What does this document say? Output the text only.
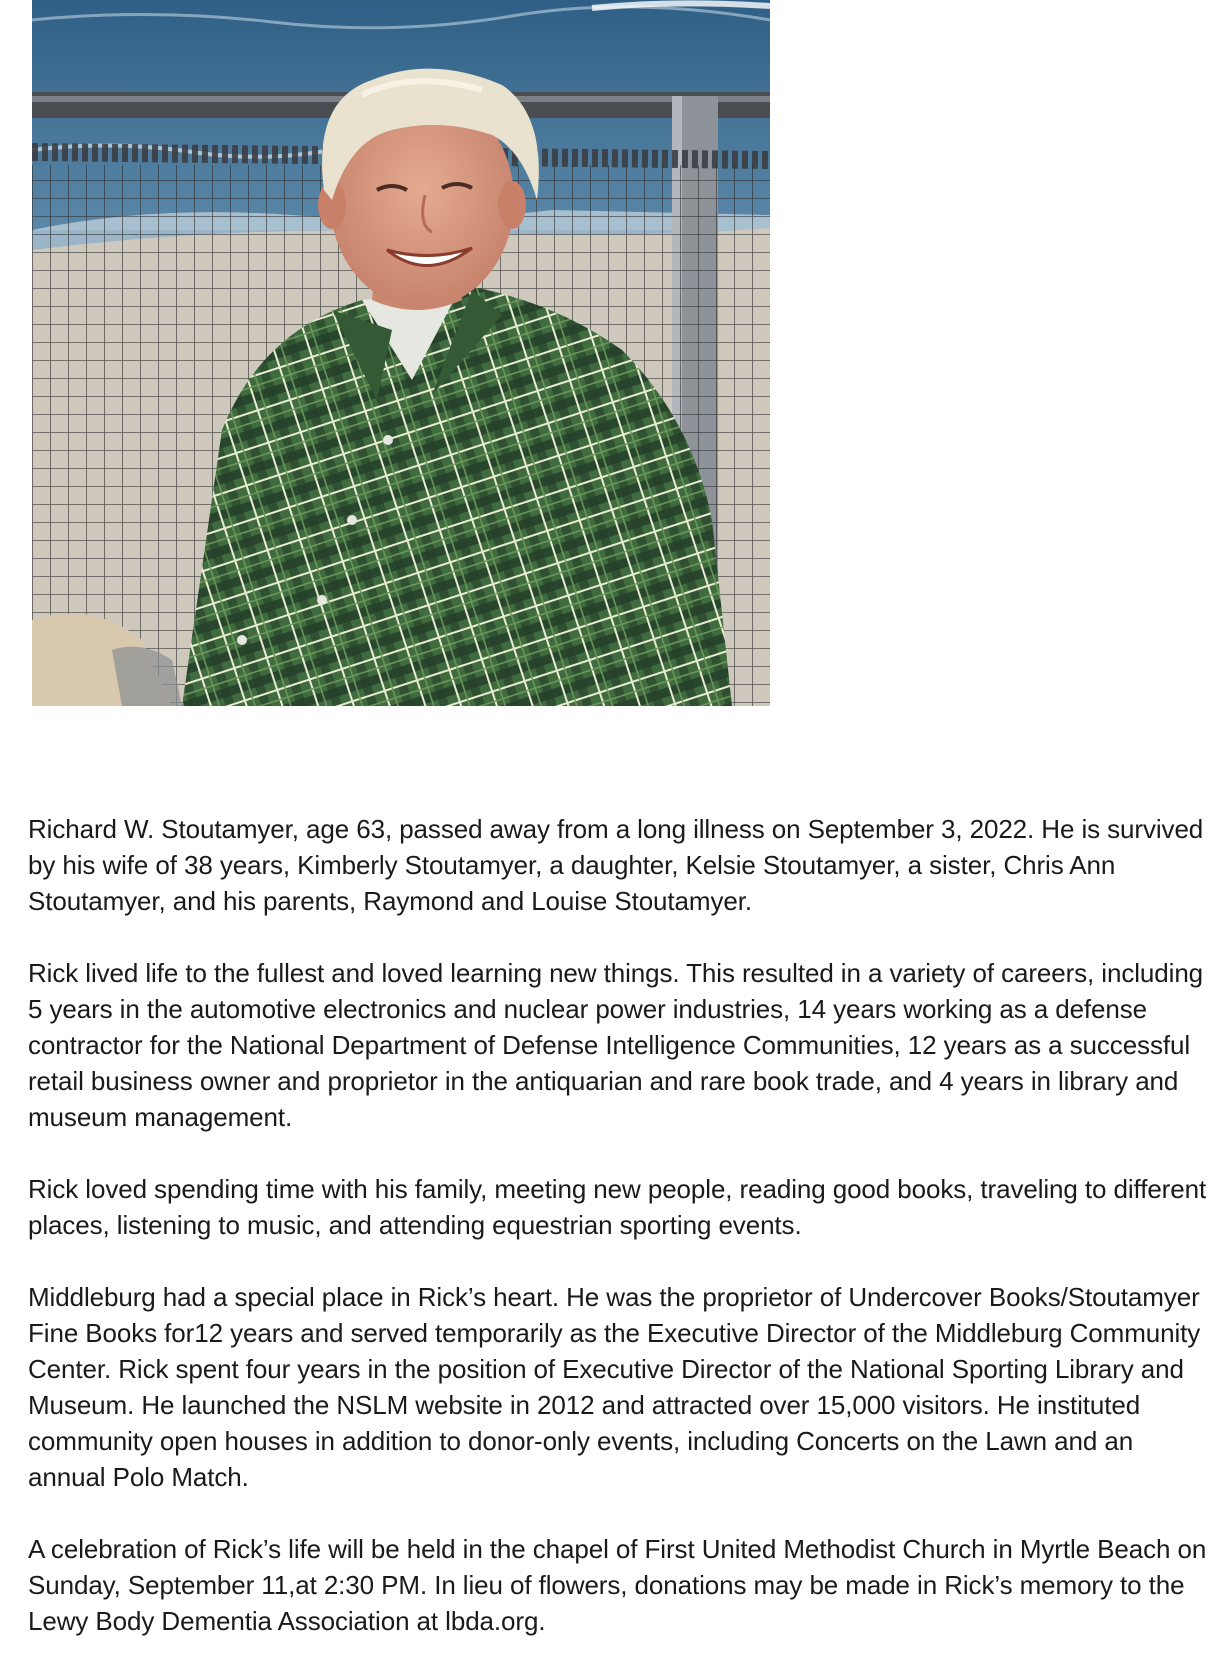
Richard W. Stoutamyer, age 63, passed away from a long illness on September 3, 2022. He is survived by his wife of 38 years, Kimberly Stoutamyer, a daughter, Kelsie Stoutamyer, a sister, Chris Ann Stoutamyer, and his parents, Raymond and Louise Stoutamyer.

Rick lived life to the fullest and loved learning new things. This resulted in a variety of careers, including 5 years in the automotive electronics and nuclear power industries, 14 years working as a defense contractor for the National Department of Defense Intelligence Communities, 12 years as a successful retail business owner and proprietor in the antiquarian and rare book trade, and 4 years in library and museum management.

Rick loved spending time with his family, meeting new people, reading good books, traveling to different places, listening to music, and attending equestrian sporting events.

Middleburg had a special place in Rick’s heart. He was the proprietor of Undercover Books/Stoutamyer Fine Books for12 years and served temporarily as the Executive Director of the Middleburg Community Center. Rick spent four years in the position of Executive Director of the National Sporting Library and Museum. He launched the NSLM website in 2012 and attracted over 15,000 visitors. He instituted community open houses in addition to donor-only events, including Concerts on the Lawn and an annual Polo Match.

A celebration of Rick’s life will be held in the chapel of First United Methodist Church in Myrtle Beach on Sunday, September 11,at 2:30 PM. In lieu of flowers, donations may be made in Rick’s memory to the Lewy Body Dementia Association at lbda.org.
